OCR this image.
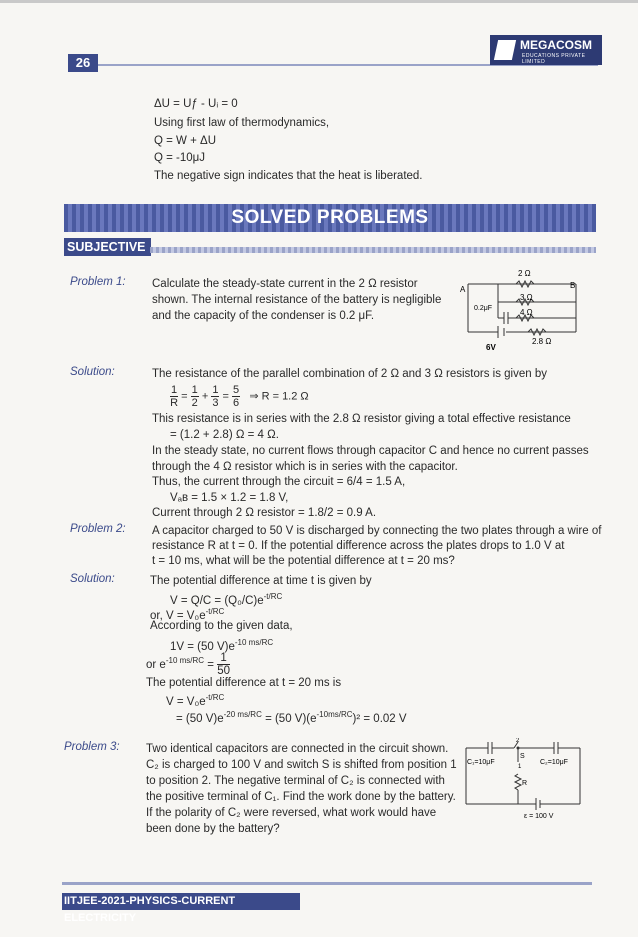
26
MEGACOSM
EDUCATIONS PRIVATE LIMITED
ΔU = Uƒ - Uᵢ = 0
Using first law of thermodynamics,
Q = W + ΔU
Q = -10μJ
The negative sign indicates that the heat is liberated.
SOLVED PROBLEMS
SUBJECTIVE
Problem 1: Calculate the steady-state current in the 2 Ω resistor
shown. The internal resistance of the battery is negligible
and the capacity of the condenser is 0.2 μF.
A	B
2 Ω
3 Ω
4 Ω
2.8 Ω
0.2μF
6V
Solution:	The resistance of the parallel combination of 2 Ω and 3 Ω resistors is given by
$\frac{1}{R} = \frac{1}{2} + \frac{1}{3} = \frac{5}{6}$ ⇒ R = 1.2 Ω
This resistance is in series with the 2.8 Ω resistor giving a total effective resistance
= (1.2 + 2.8) Ω = 4 Ω.
In the steady state, no current flows through capacitor C and hence no current passes
through the 4 Ω resistor which is in series with the capacitor.
Thus, the current through the circuit = 6/4 = 1.5 A,
Vₐʙ = 1.5 × 1.2 = 1.8 V,
Current through 2 Ω resistor = 1.8/2 = 0.9 A.
Problem 2: A capacitor charged to 50 V is discharged by connecting the two plates through a wire of
resistance R at t = 0. If the potential difference across the plates drops to 1.0 V at
t = 10 ms, what will be the potential difference at t = 20 ms?
Solution:	The potential difference at time t is given by
$V = Q/C = (Q_0/C)e^{-t/RC}$
or, $V = V_0e^{-t/RC}$
According to the given data,
1V = (50 $V)e^{-10 ms/RC}$
or $e^{-10 ms/RC} = \frac{1}{50}$
The potential difference at t = 20 ms is
$V = V_0e^{-t/RC}$
= (50 $V)e^{-20 ms/RC} = (50$ $V)(e^{-10ms/RC})^2 = 0.02$ V
Problem 3: Two identical capacitors are connected in the circuit shown.
C₂ is charged to 100 V and switch S is shifted from position 1
to position 2. The negative terminal of C₂ is connected with
the positive terminal of C₁. Find the work done by the battery.
If the polarity of C₂ were reversed, what work would have
been done by the battery?
C₁=10μF	C₂=10μF
S
1
2
R
ε = 100 V
IITJEE-2021-PHYSICS-CURRENT ELECTRICITY
